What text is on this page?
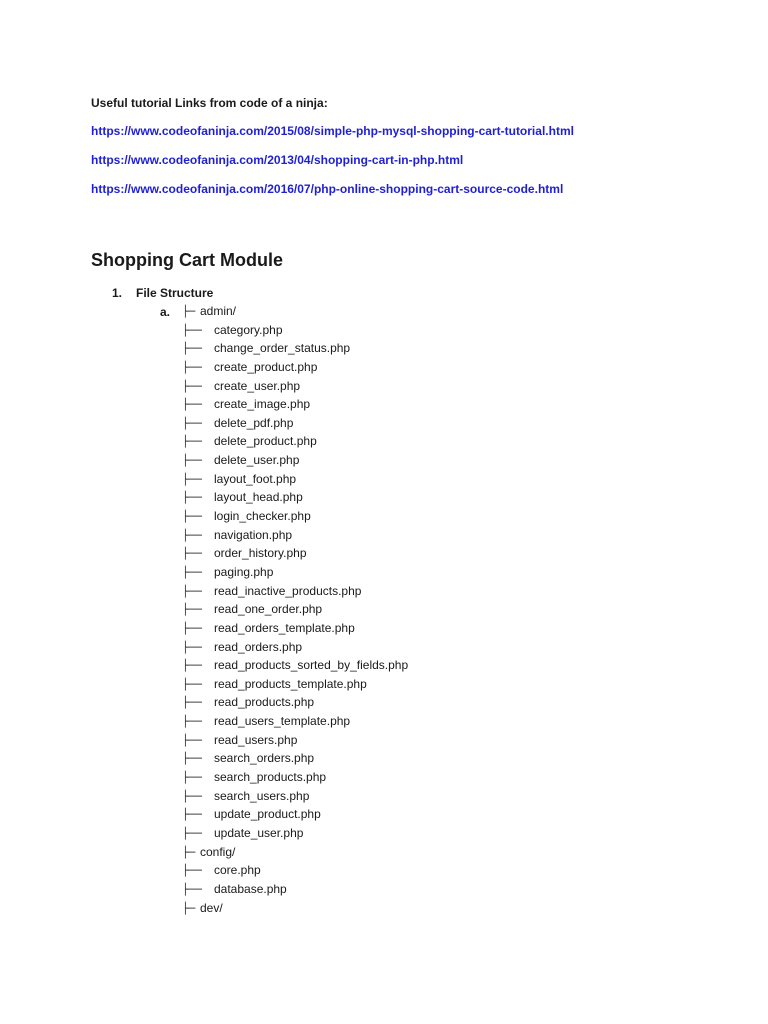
Useful tutorial Links from code of a ninja:
https://www.codeofaninja.com/2015/08/simple-php-mysql-shopping-cart-tutorial.html
https://www.codeofaninja.com/2013/04/shopping-cart-in-php.html
https://www.codeofaninja.com/2016/07/php-online-shopping-cart-source-code.html
Shopping Cart Module
1. File Structure
a. ├─ admin/
├── category.php
├── change_order_status.php
├── create_product.php
├── create_user.php
├── create_image.php
├── delete_pdf.php
├── delete_product.php
├── delete_user.php
├── layout_foot.php
├── layout_head.php
├── login_checker.php
├── navigation.php
├── order_history.php
├── paging.php
├── read_inactive_products.php
├── read_one_order.php
├── read_orders_template.php
├── read_orders.php
├── read_products_sorted_by_fields.php
├── read_products_template.php
├── read_products.php
├── read_users_template.php
├── read_users.php
├── search_orders.php
├── search_products.php
├── search_users.php
├── update_product.php
├── update_user.php
├─ config/
├── core.php
├── database.php
├─ dev/
